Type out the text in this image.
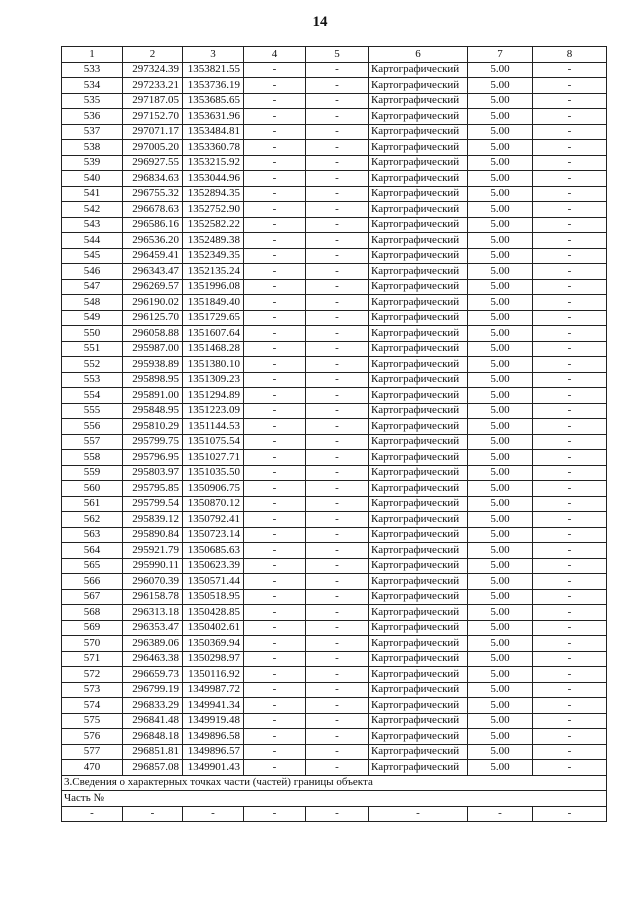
14
1	2	3	4	5	6	7	8
533	297324.39	1353821.55	-	-	Картографический	5.00	-
534	297233.21	1353736.19	-	-	Картографический	5.00	-
535	297187.05	1353685.65	-	-	Картографический	5.00	-
536	297152.70	1353631.96	-	-	Картографический	5.00	-
537	297071.17	1353484.81	-	-	Картографический	5.00	-
538	297005.20	1353360.78	-	-	Картографический	5.00	-
539	296927.55	1353215.92	-	-	Картографический	5.00	-
540	296834.63	1353044.96	-	-	Картографический	5.00	-
541	296755.32	1352894.35	-	-	Картографический	5.00	-
542	296678.63	1352752.90	-	-	Картографический	5.00	-
543	296586.16	1352582.22	-	-	Картографический	5.00	-
544	296536.20	1352489.38	-	-	Картографический	5.00	-
545	296459.41	1352349.35	-	-	Картографический	5.00	-
546	296343.47	1352135.24	-	-	Картографический	5.00	-
547	296269.57	1351996.08	-	-	Картографический	5.00	-
548	296190.02	1351849.40	-	-	Картографический	5.00	-
549	296125.70	1351729.65	-	-	Картографический	5.00	-
550	296058.88	1351607.64	-	-	Картографический	5.00	-
551	295987.00	1351468.28	-	-	Картографический	5.00	-
552	295938.89	1351380.10	-	-	Картографический	5.00	-
553	295898.95	1351309.23	-	-	Картографический	5.00	-
554	295891.00	1351294.89	-	-	Картографический	5.00	-
555	295848.95	1351223.09	-	-	Картографический	5.00	-
556	295810.29	1351144.53	-	-	Картографический	5.00	-
557	295799.75	1351075.54	-	-	Картографический	5.00	-
558	295796.95	1351027.71	-	-	Картографический	5.00	-
559	295803.97	1351035.50	-	-	Картографический	5.00	-
560	295795.85	1350906.75	-	-	Картографический	5.00	-
561	295799.54	1350870.12	-	-	Картографический	5.00	-
562	295839.12	1350792.41	-	-	Картографический	5.00	-
563	295890.84	1350723.14	-	-	Картографический	5.00	-
564	295921.79	1350685.63	-	-	Картографический	5.00	-
565	295990.11	1350623.39	-	-	Картографический	5.00	-
566	296070.39	1350571.44	-	-	Картографический	5.00	-
567	296158.78	1350518.95	-	-	Картографический	5.00	-
568	296313.18	1350428.85	-	-	Картографический	5.00	-
569	296353.47	1350402.61	-	-	Картографический	5.00	-
570	296389.06	1350369.94	-	-	Картографический	5.00	-
571	296463.38	1350298.97	-	-	Картографический	5.00	-
572	296659.73	1350116.92	-	-	Картографический	5.00	-
573	296799.19	1349987.72	-	-	Картографический	5.00	-
574	296833.29	1349941.34	-	-	Картографический	5.00	-
575	296841.48	1349919.48	-	-	Картографический	5.00	-
576	296848.18	1349896.58	-	-	Картографический	5.00	-
577	296851.81	1349896.57	-	-	Картографический	5.00	-
470	296857.08	1349901.43	-	-	Картографический	5.00	-
3.Сведения о характерных точках части (частей) границы объекта							
Часть №							
-	-	-	-	-	-	-	-
